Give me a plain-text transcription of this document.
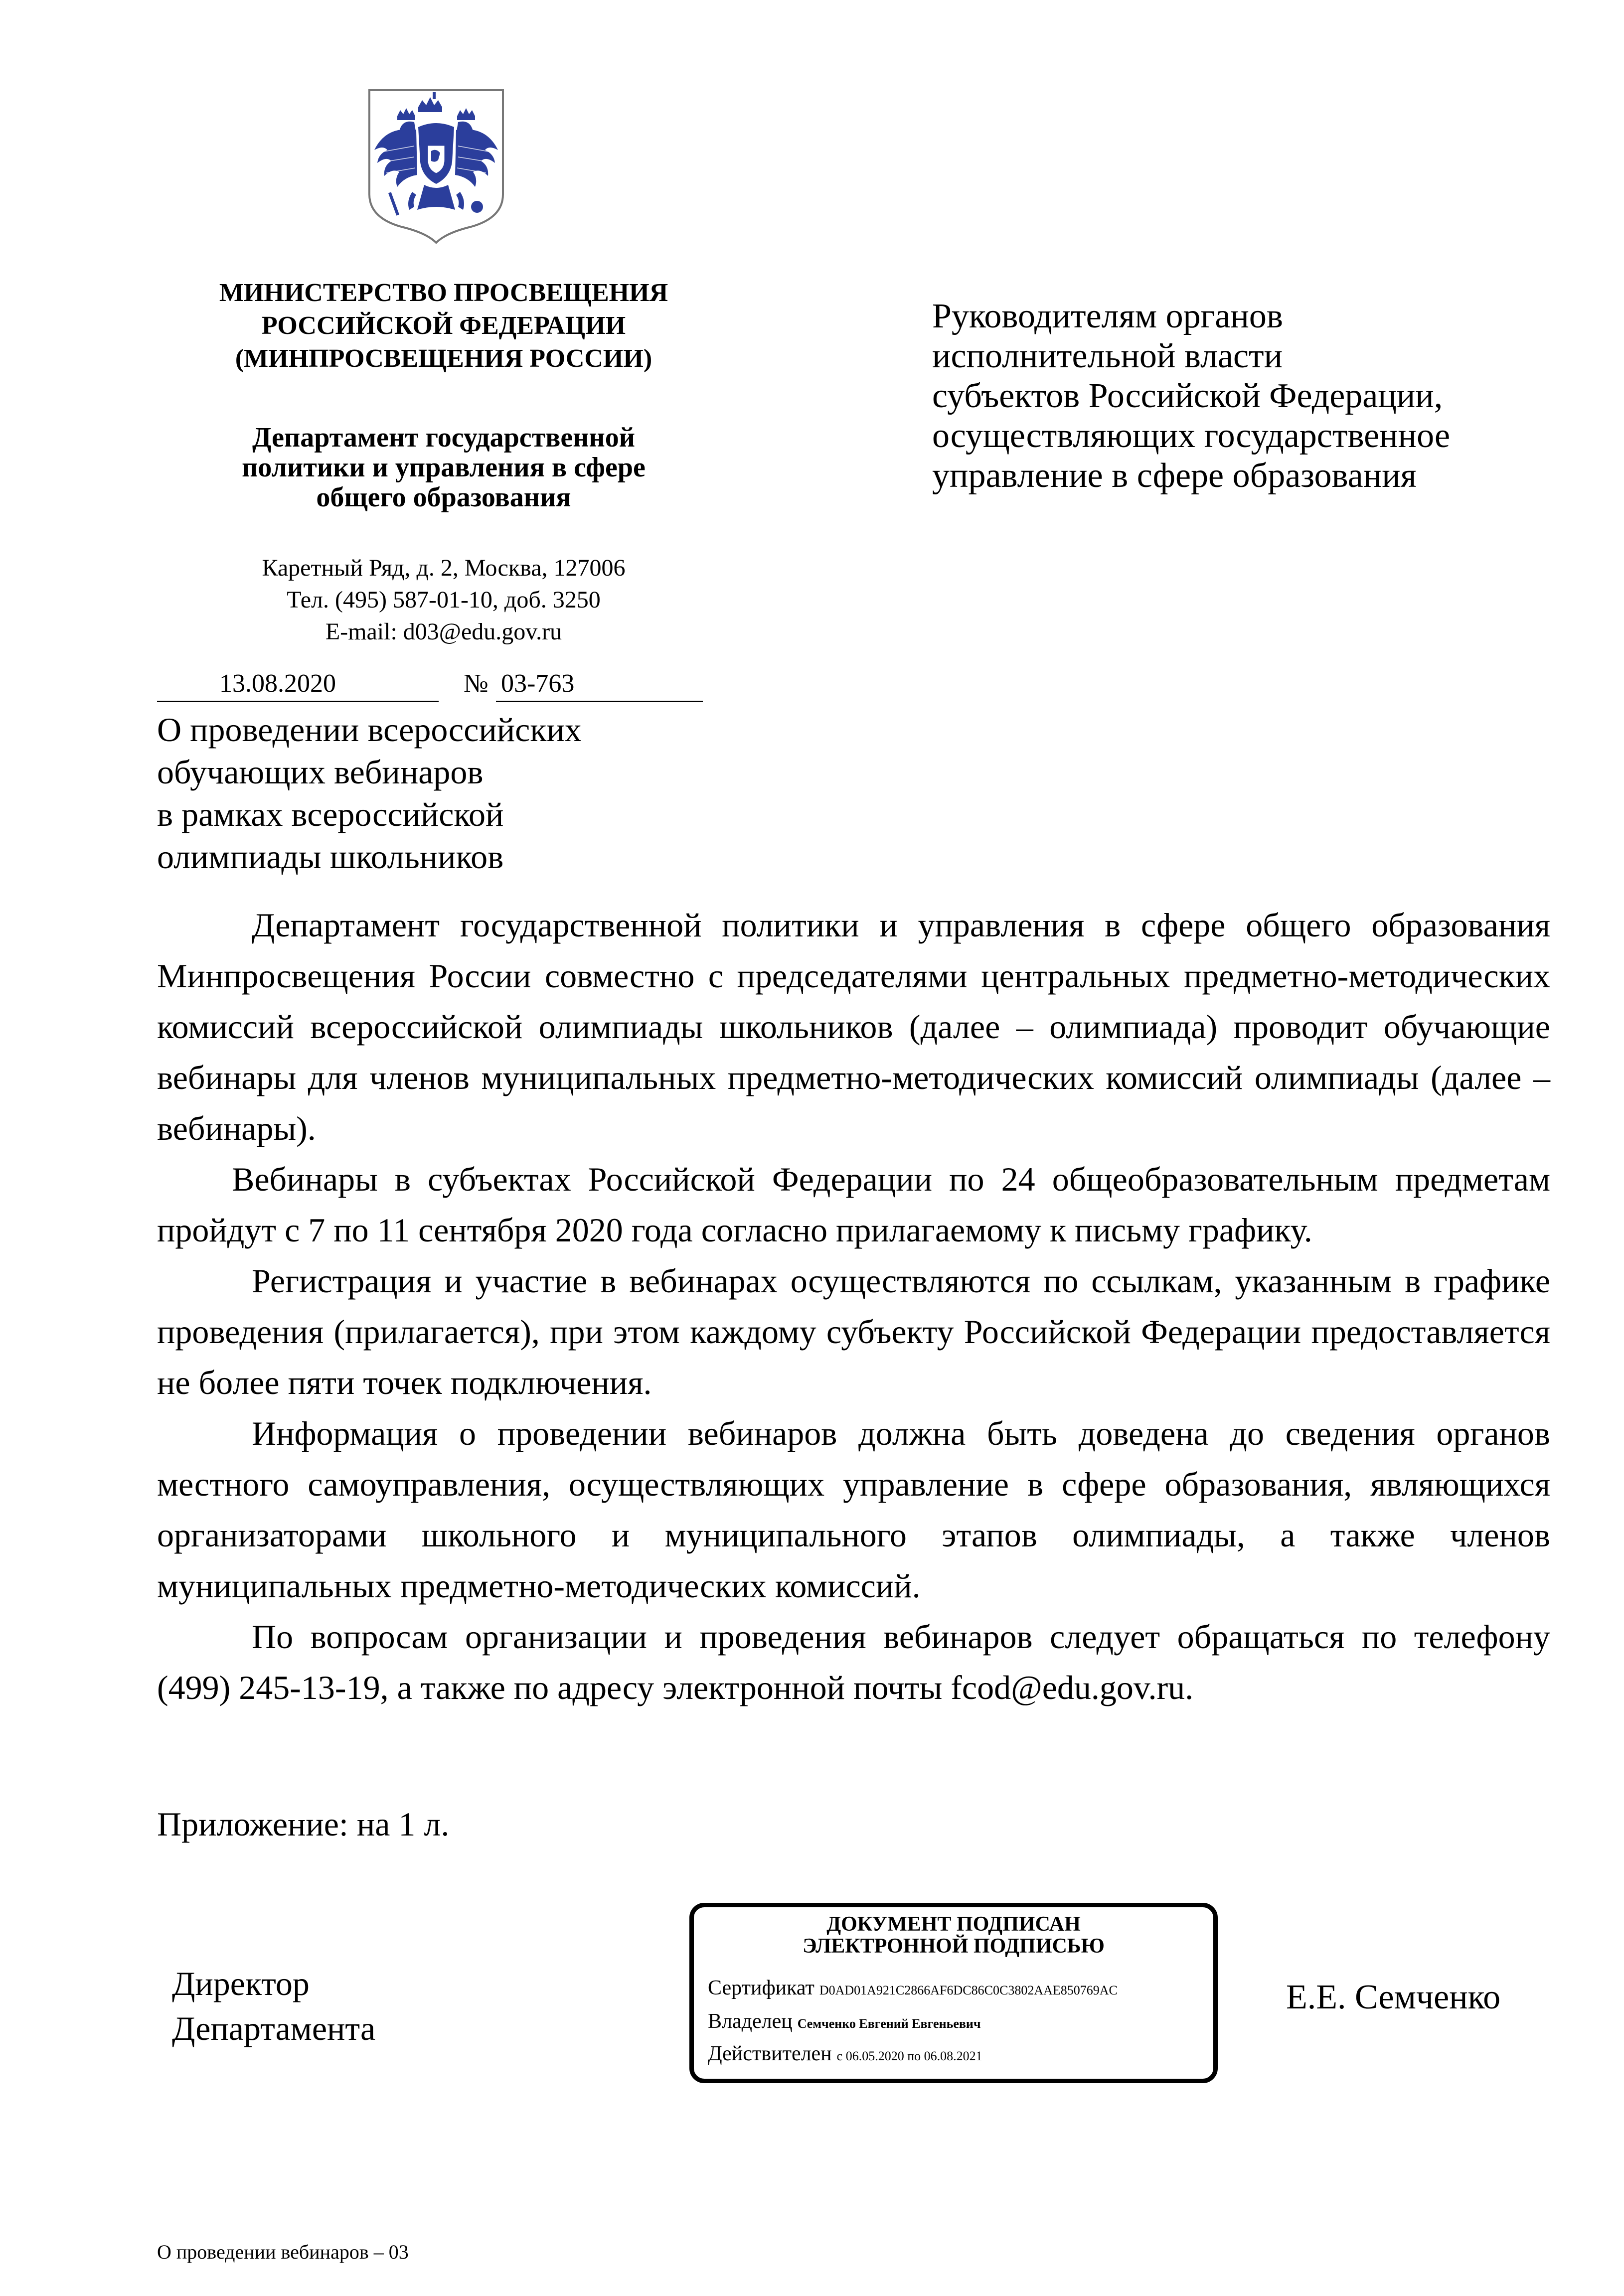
МИНИСТЕРСТВО ПРОСВЕЩЕНИЯ
РОССИЙСКОЙ ФЕДЕРАЦИИ
(МИНПРОСВЕЩЕНИЯ РОССИИ)
Департамент государственной
политики и управления в сфере
общего образования
Каретный Ряд, д. 2, Москва, 127006
Тел. (495) 587-01-10, доб. 3250
E-mail: d03@edu.gov.ru
13.08.2020	№ 03-763
О проведении всероссийских
обучающих вебинаров
в рамках всероссийской
олимпиады школьников
Руководителям органов
исполнительной власти
субъектов Российской Федерации,
осуществляющих государственное
управление в сфере образования

Департамент государственной политики и управления в сфере общего образования Минпросвещения России совместно с председателями центральных предметно-методических комиссий всероссийской олимпиады школьников (далее – олимпиада) проводит обучающие вебинары для членов муниципальных предметно-методических комиссий олимпиады (далее – вебинары).

Вебинары в субъектах Российской Федерации по 24 общеобразовательным предметам пройдут с 7 по 11 сентября 2020 года согласно прилагаемому к письму графику.

Регистрация и участие в вебинарах осуществляются по ссылкам, указанным в графике проведения (прилагается), при этом каждому субъекту Российской Федерации предоставляется не более пяти точек подключения.

Информация о проведении вебинаров должна быть доведена до сведения органов местного самоуправления, осуществляющих управление в сфере образования, являющихся организаторами школьного и муниципального этапов олимпиады, а также членов муниципальных предметно-методических комиссий.

По вопросам организации и проведения вебинаров следует обращаться по телефону (499) 245-13-19, а также по адресу электронной почты fcod@edu.gov.ru.

Приложение: на 1 л.
Директор
Департамента
ДОКУМЕНТ ПОДПИСАН
ЭЛЕКТРОННОЙ ПОДПИСЬЮ
Сертификат D0AD01A921C2866AF6DC86C0C3802AAE850769AC
Владелец Семченко Евгений Евгеньевич
Действителен с 06.05.2020 по 06.08.2021
Е.Е. Семченко
О проведении вебинаров – 03
